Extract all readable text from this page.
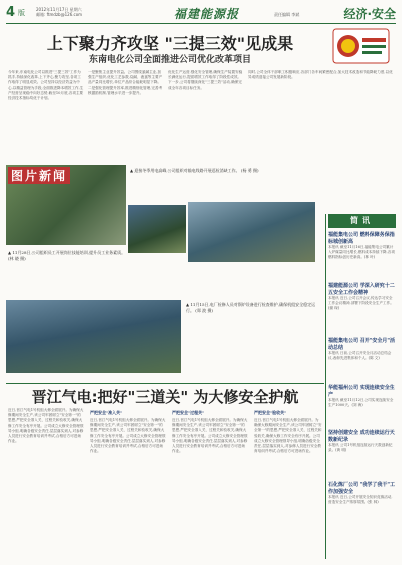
4 版	2012年11月17日 星期六
邮箱: ftmdzb@126.com	福建能源报	责任编辑 李斌	经济·安全
上下聚力齐攻坚 "三提三效"见成果
东南电化公司全面推进公司优化改革项目
今年来,东南电化公司以推进"三提三效"工作为抓手,持续深化改革,上下齐心,聚力攻坚,各项工作取得了明显成效。公司坚持以经济效益为中心,以精益管理为手段,全面推进降本增效工作,生产经营呈现稳中向好态势,截至10月底,各项主要经济技术指标均优于计划。
一是聚焦主业提升效益。公司围绕氯碱主业,加强生产组织,优化工艺参数,烧碱、液氯等主要产品产量同比增长,单位产品综合能耗明显下降。二是强化管理提升效率,推进精细化管理,完善考核激励机制,管理水平进一步提升。
优化生产运营,强化安全管理,确保生产装置安稳长满优运行,提质增效工作取得了阶段性成效。下一步,公司将继续深化"三提三效"活动,确保完成全年各项目标任务。
同时,公司全体干部职工积极响应,各部门各车间紧密配合,加大技术改造和节能降耗力度,以优异成绩迎接公司发展新阶段。
图片新闻	▲ 迎接冬季用电高峰,公司组织对输电线路开展巡检消缺工作。 (杨 勇 摄)
▲ 11月28日,公司组织员工开展岗位技能培训,提升员工业务素质。 (林 晓 摄)
▲ 11月15日,电厂检修人员对锅炉设备进行检查维护,确保机组安全稳定运行。 (郑 波 摄)
晋江气电:把好"三道关" 为大修安全护航
近日,晋江气电1号机组大修全面展开。为确保大修期间安全生产,该公司牢固树立"安全第一"的思想,严把安全准入关、过程关和验收关,确保大修工作安全有序开展。公司成立大修安全管理领导小组,明确各级安全责任,层层落实到人,对参修人员进行安全教育培训并考试,合格后方可进场作业。
严把安全"准入关"
近日,晋江气电1号机组大修全面展开。为确保大修期间安全生产,该公司牢固树立"安全第一"的思想,严把安全准入关、过程关和验收关,确保大修工作安全有序开展。公司成立大修安全管理领导小组,明确各级安全责任,层层落实到人,对参修人员进行安全教育培训并考试,合格后方可进场作业。
严把安全"过程关"
近日,晋江气电1号机组大修全面展开。为确保大修期间安全生产,该公司牢固树立"安全第一"的思想,严把安全准入关、过程关和验收关,确保大修工作安全有序开展。公司成立大修安全管理领导小组,明确各级安全责任,层层落实到人,对参修人员进行安全教育培训并考试,合格后方可进场作业。
严把安全"验收关"
近日,晋江气电1号机组大修全面展开。为确保大修期间安全生产,该公司牢固树立"安全第一"的思想,严把安全准入关、过程关和验收关,确保大修工作安全有序开展。公司成立大修安全管理领导小组,明确各级安全责任,层层落实到人,对参修人员进行安全教育培训并考试,合格后方可进场作业。
简讯
福能集电公司 燃料保障务保指标城创新高
本报讯 截至11月16日,福能集电公司累计入炉煤量同比增长,燃料成本持续下降,各项燃料指标创历史新高。(林 叶)
福建能源公司 学深入研究十二五安全工作会精神
本报讯 近日,公司召开会议,传达学习安全工作会议精神,部署下阶段安全生产工作。(谢 琛)
福能集电公司 召开"安全月"活动总结
本报讯 日前,公司召开安全月活动总结会议,表彰先进集体和个人。(陈 文)
华能福州公司 实现连续安全生产
本报讯 截至11月12日,公司实现连续安全生产1000天。(刘 海)
坚持创建安全 成功连续运行天数新纪录
本报讯 公司1号机组连续运行天数创新纪录。(黄 明)
石化炼厂公司 "我学了我干"工作加强安全
本报讯 近日,公司开展安全知识竞赛活动,营造安全生产浓厚氛围。(张 林)
